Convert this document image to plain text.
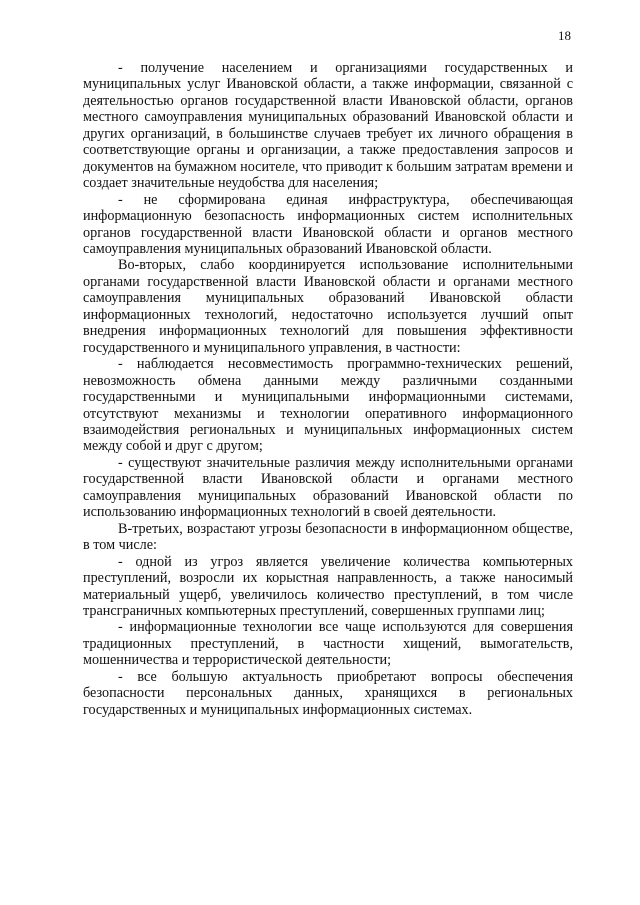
18

- получение населением и организациями государственных и муниципальных услуг Ивановской области, а также информации, связанной с деятельностью органов государственной власти Ивановской области, органов местного самоуправления муниципальных образований Ивановской области и других организаций, в большинстве случаев требует их личного обращения в соответствующие органы и организации, а также предоставления запросов и документов на бумажном носителе, что приводит к большим затратам времени и создает значительные неудобства для населения;

- не сформирована единая инфраструктура, обеспечивающая информационную безопасность информационных систем исполнительных органов государственной власти Ивановской области и органов местного самоуправления муниципальных образований Ивановской области.

Во-вторых, слабо координируется использование исполнительными органами государственной власти Ивановской области и органами местного самоуправления муниципальных образований Ивановской области информационных технологий, недостаточно используется лучший опыт внедрения информационных технологий для повышения эффективности государственного и муниципального управления, в частности:

- наблюдается несовместимость программно-технических решений, невозможность обмена данными между различными созданными государственными и муниципальными информационными системами, отсутствуют механизмы и технологии оперативного информационного взаимодействия региональных и муниципальных информационных систем между собой и друг с другом;

- существуют значительные различия между исполнительными органами государственной власти Ивановской области и органами местного самоуправления муниципальных образований Ивановской области по использованию информационных технологий в своей деятельности.

В-третьих, возрастают угрозы безопасности в информационном обществе, в том числе:

- одной из угроз является увеличение количества компьютерных преступлений, возросли их корыстная направленность, а также наносимый материальный ущерб, увеличилось количество преступлений, в том числе трансграничных компьютерных преступлений, совершенных группами лиц;

- информационные технологии все чаще используются для совершения традиционных преступлений, в частности хищений, вымогательств, мошенничества и террористической деятельности;

- все большую актуальность приобретают вопросы обеспечения безопасности персональных данных, хранящихся в региональных государственных и муниципальных информационных системах.
